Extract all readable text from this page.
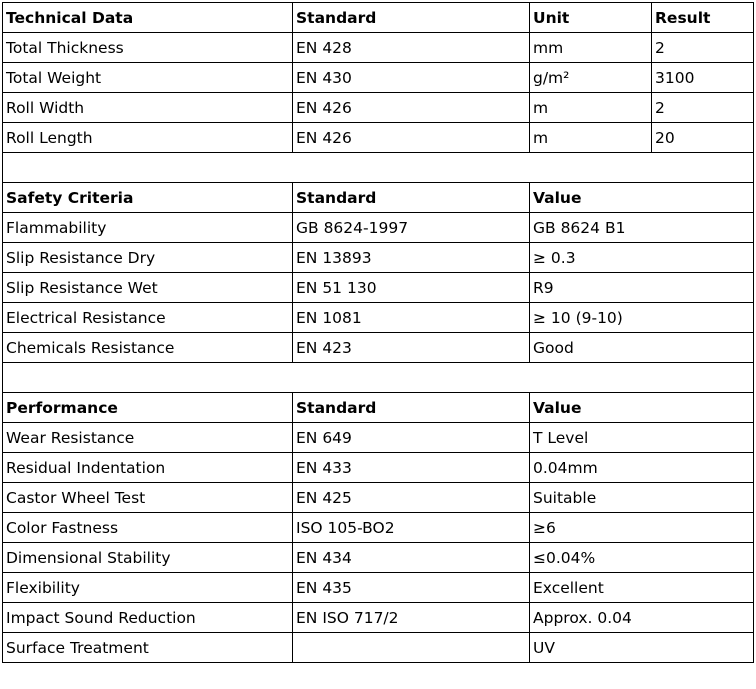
Technical Data	Standard	Unit	Result
Total Thickness	EN 428	mm	2
Total Weight	EN 430	g/m²	3100
Roll Width	EN 426	m	2
Roll Length	EN 426	m	20

Safety Criteria	Standard	Value	
Flammability	GB 8624-1997	GB 8624 B1	
Slip Resistance Dry	EN 13893	≥ 0.3	
Slip Resistance Wet	EN 51 130	R9	
Electrical Resistance	EN 1081	≥ 10 (9-10)	
Chemicals Resistance	EN 423	Good	

Performance	Standard	Value	
Wear Resistance	EN 649	T Level	
Residual Indentation	EN 433	0.04mm	
Castor Wheel Test	EN 425	Suitable	
Color Fastness	ISO 105-BO2	≥6	
Dimensional Stability	EN 434	≤0.04%	
Flexibility	EN 435	Excellent	
Impact Sound Reduction	EN ISO 717/2	Approx. 0.04	
Surface Treatment		UV	
